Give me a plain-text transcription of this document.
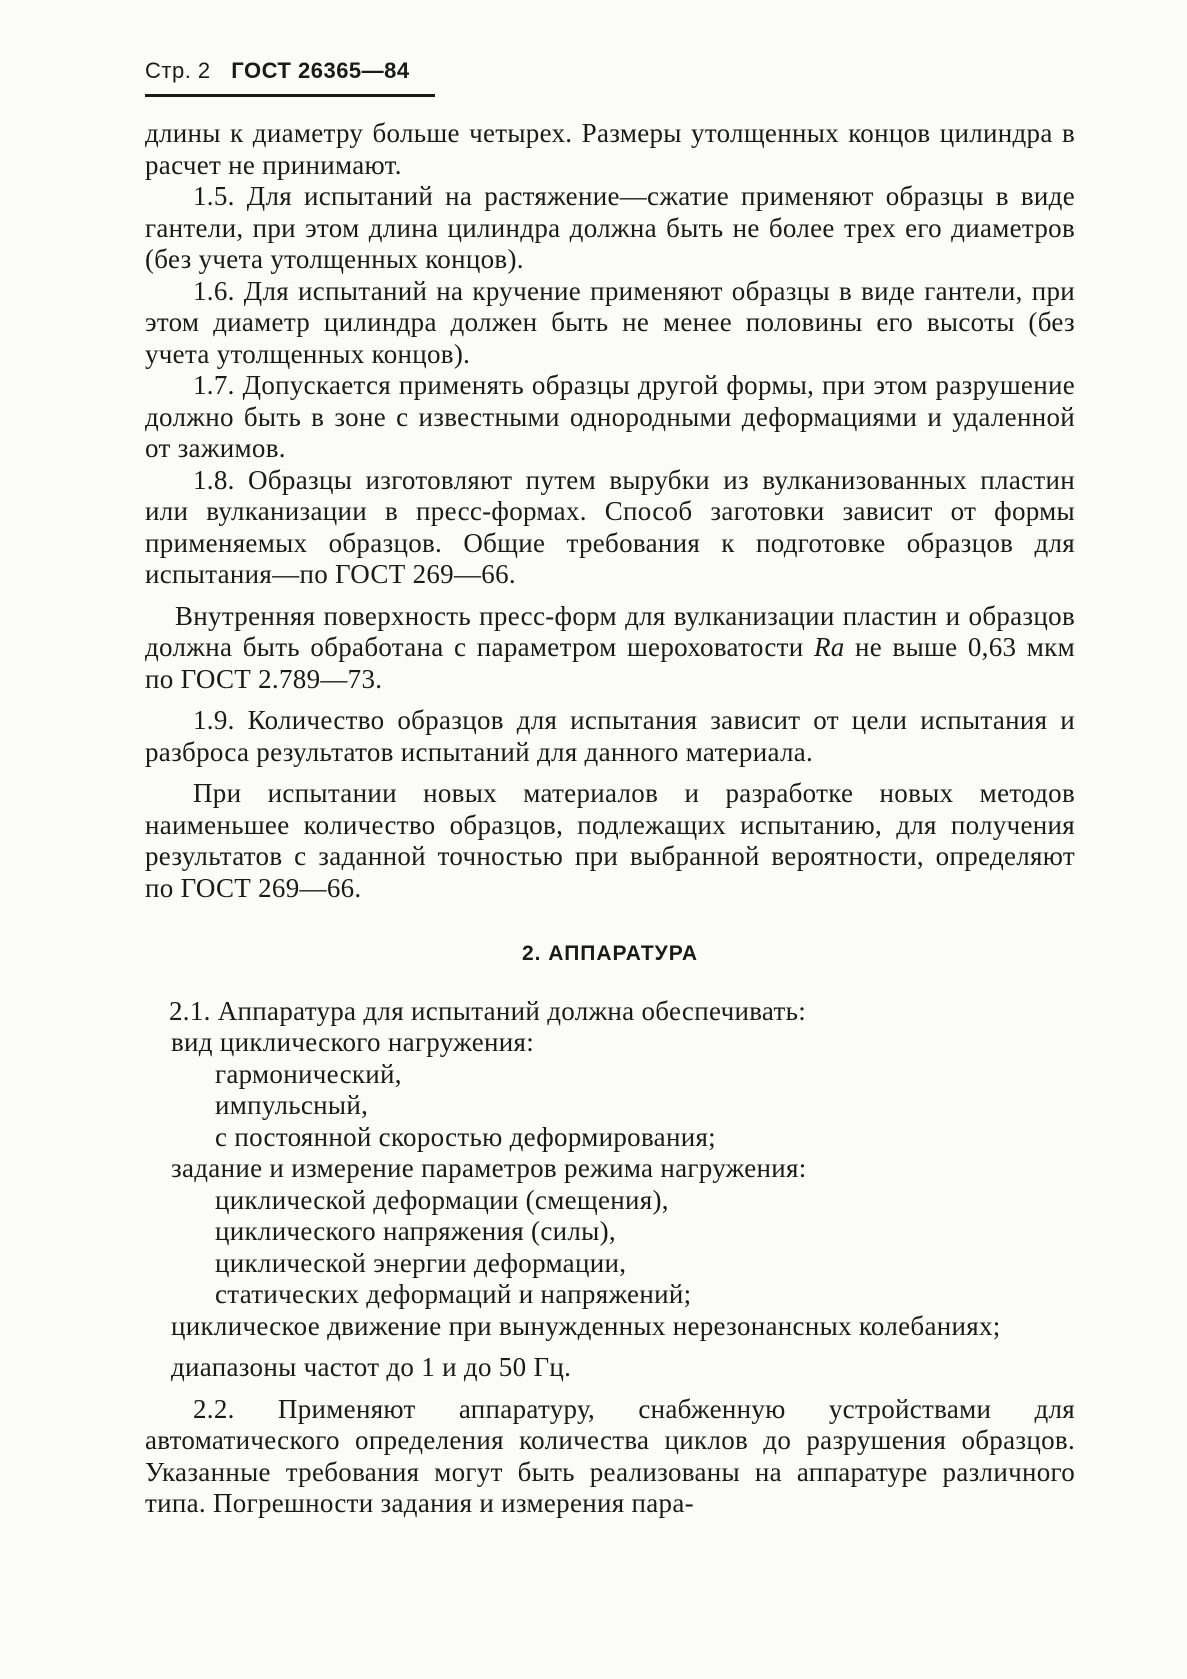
Стр. 2 ГОСТ 26365—84

длины к диаметру больше четырех. Размеры утолщенных концов цилиндра в расчет не принимают.

1.5. Для испытаний на растяжение—сжатие применяют образцы в виде гантели, при этом длина цилиндра должна быть не более трех его диаметров (без учета утолщенных концов).

1.6. Для испытаний на кручение применяют образцы в виде гантели, при этом диаметр цилиндра должен быть не менее половины его высоты (без учета утолщенных концов).

1.7. Допускается применять образцы другой формы, при этом разрушение должно быть в зоне с известными однородными деформациями и удаленной от зажимов.

1.8. Образцы изготовляют путем вырубки из вулканизованных пластин или вулканизации в пресс-формах. Способ заготовки зависит от формы применяемых образцов. Общие требования к подготовке образцов для испытания—по ГОСТ 269—66.

Внутренняя поверхность пресс-форм для вулканизации пластин и образцов должна быть обработана с параметром шероховатости Ra не выше 0,63 мкм по ГОСТ 2.789—73.

1.9. Количество образцов для испытания зависит от цели испытания и разброса результатов испытаний для данного материала.

При испытании новых материалов и разработке новых методов наименьшее количество образцов, подлежащих испытанию, для получения результатов с заданной точностью при выбранной вероятности, определяют по ГОСТ 269—66.

2. АППАРАТУРА

2.1. Аппаратура для испытаний должна обеспечивать:

вид циклического нагружения:

гармонический,

импульсный,

с постоянной скоростью деформирования;

задание и измерение параметров режима нагружения:

циклической деформации (смещения),

циклического напряжения (силы),

циклической энергии деформации,

статических деформаций и напряжений;

циклическое движение при вынужденных нерезонансных колебаниях;

диапазоны частот до 1 и до 50 Гц.

2.2. Применяют аппаратуру, снабженную устройствами для автоматического определения количества циклов до разрушения образцов. Указанные требования могут быть реализованы на аппаратуре различного типа. Погрешности задания и измерения пара-
